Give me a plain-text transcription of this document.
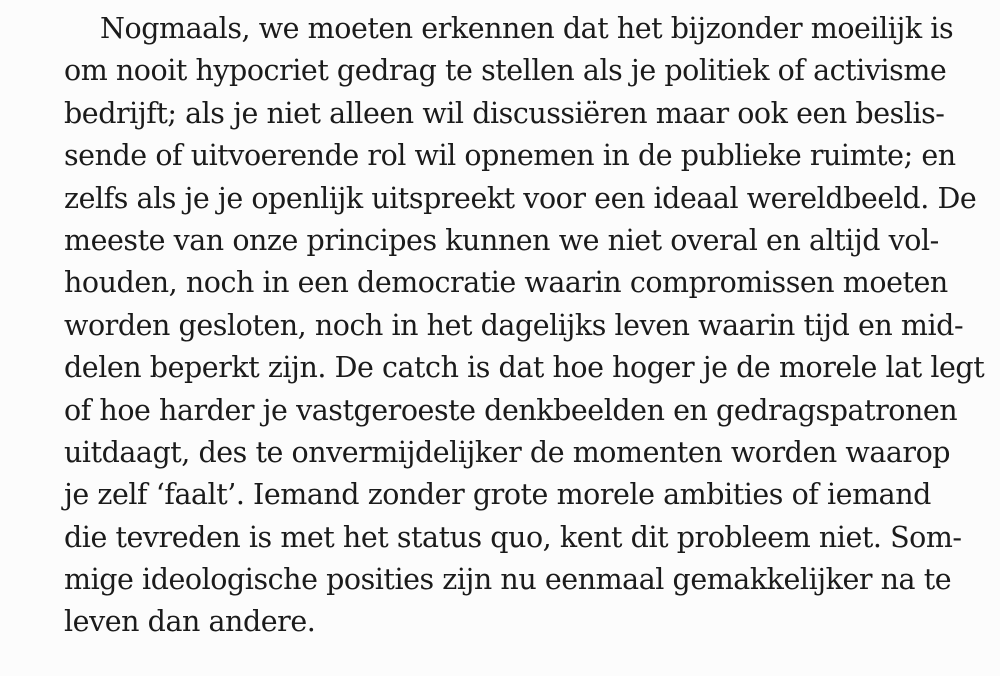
Nogmaals, we moeten erkennen dat het bijzonder moeilijk is
om nooit hypocriet gedrag te stellen als je politiek of activisme
bedrijft; als je niet alleen wil discussiëren maar ook een beslis-
sende of uitvoerende rol wil opnemen in de publieke ruimte; en
zelfs als je je openlijk uitspreekt voor een ideaal wereldbeeld. De
meeste van onze principes kunnen we niet overal en altijd vol-
houden, noch in een democratie waarin compromissen moeten
worden gesloten, noch in het dagelijks leven waarin tijd en mid-
delen beperkt zijn. De catch is dat hoe hoger je de morele lat legt
of hoe harder je vastgeroeste denkbeelden en gedragspatronen
uitdaagt, des te onvermijdelijker de momenten worden waarop
je zelf ‘faalt’. Iemand zonder grote morele ambities of iemand
die tevreden is met het status quo, kent dit probleem niet. Som-
mige ideologische posities zijn nu eenmaal gemakkelijker na te
leven dan andere.
